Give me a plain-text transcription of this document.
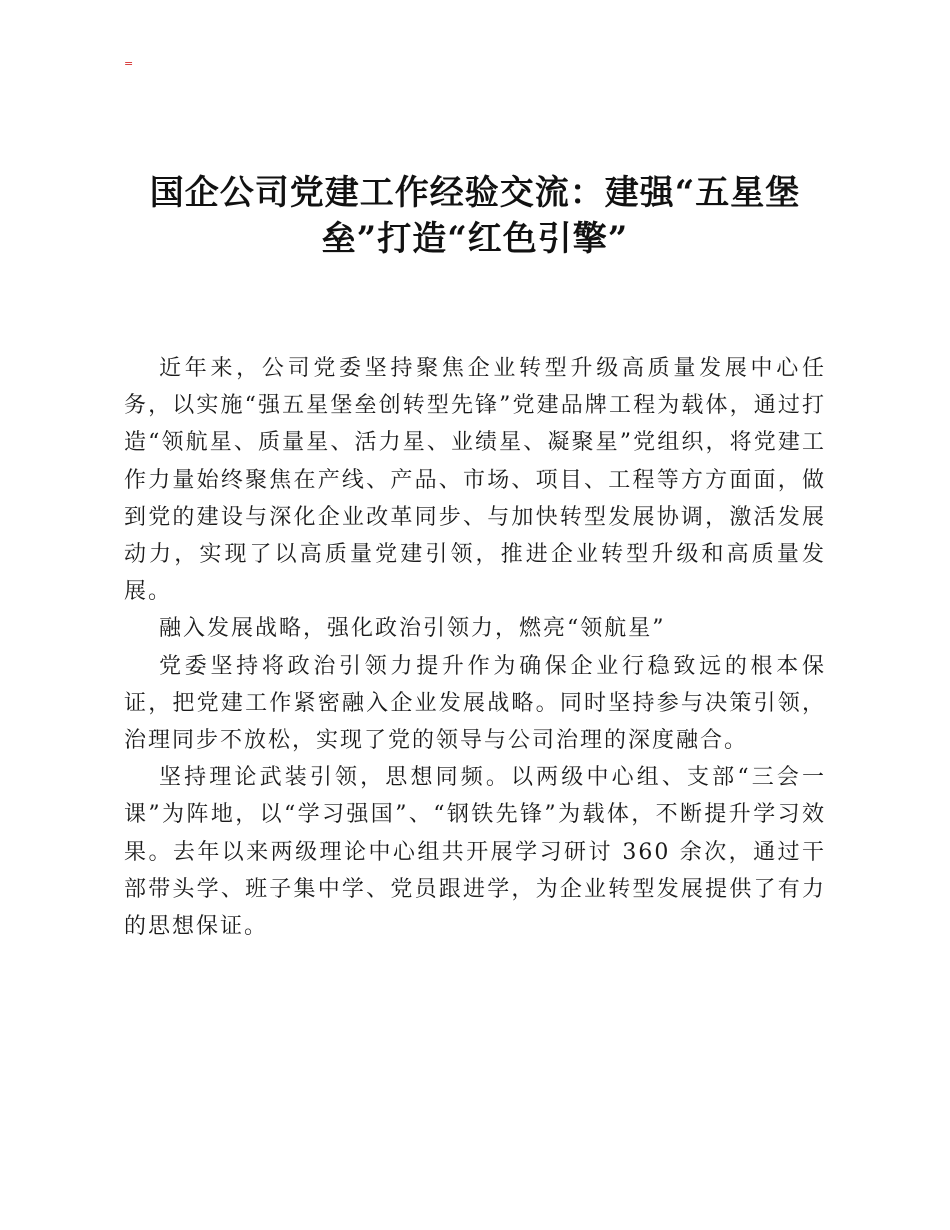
=
国企公司党建工作经验交流：建强“五星堡垒”打造“红色引擎”

近年来，公司党委坚持聚焦企业转型升级高质量发展中心任务，以实施“强五星堡垒创转型先锋”党建品牌工程为载体，通过打造“领航星、质量星、活力星、业绩星、凝聚星”党组织，将党建工作力量始终聚焦在产线、产品、市场、项目、工程等方方面面，做到党的建设与深化企业改革同步、与加快转型发展协调，激活发展动力，实现了以高质量党建引领，推进企业转型升级和高质量发展。

融入发展战略，强化政治引领力，燃亮“领航星”

党委坚持将政治引领力提升作为确保企业行稳致远的根本保证，把党建工作紧密融入企业发展战略。同时坚持参与决策引领，治理同步不放松，实现了党的领导与公司治理的深度融合。

坚持理论武装引领，思想同频。以两级中心组、支部“三会一课”为阵地，以“学习强国”、“钢铁先锋”为载体，不断提升学习效果。去年以来两级理论中心组共开展学习研讨 360 余次，通过干部带头学、班子集中学、党员跟进学，为企业转型发展提供了有力的思想保证。
